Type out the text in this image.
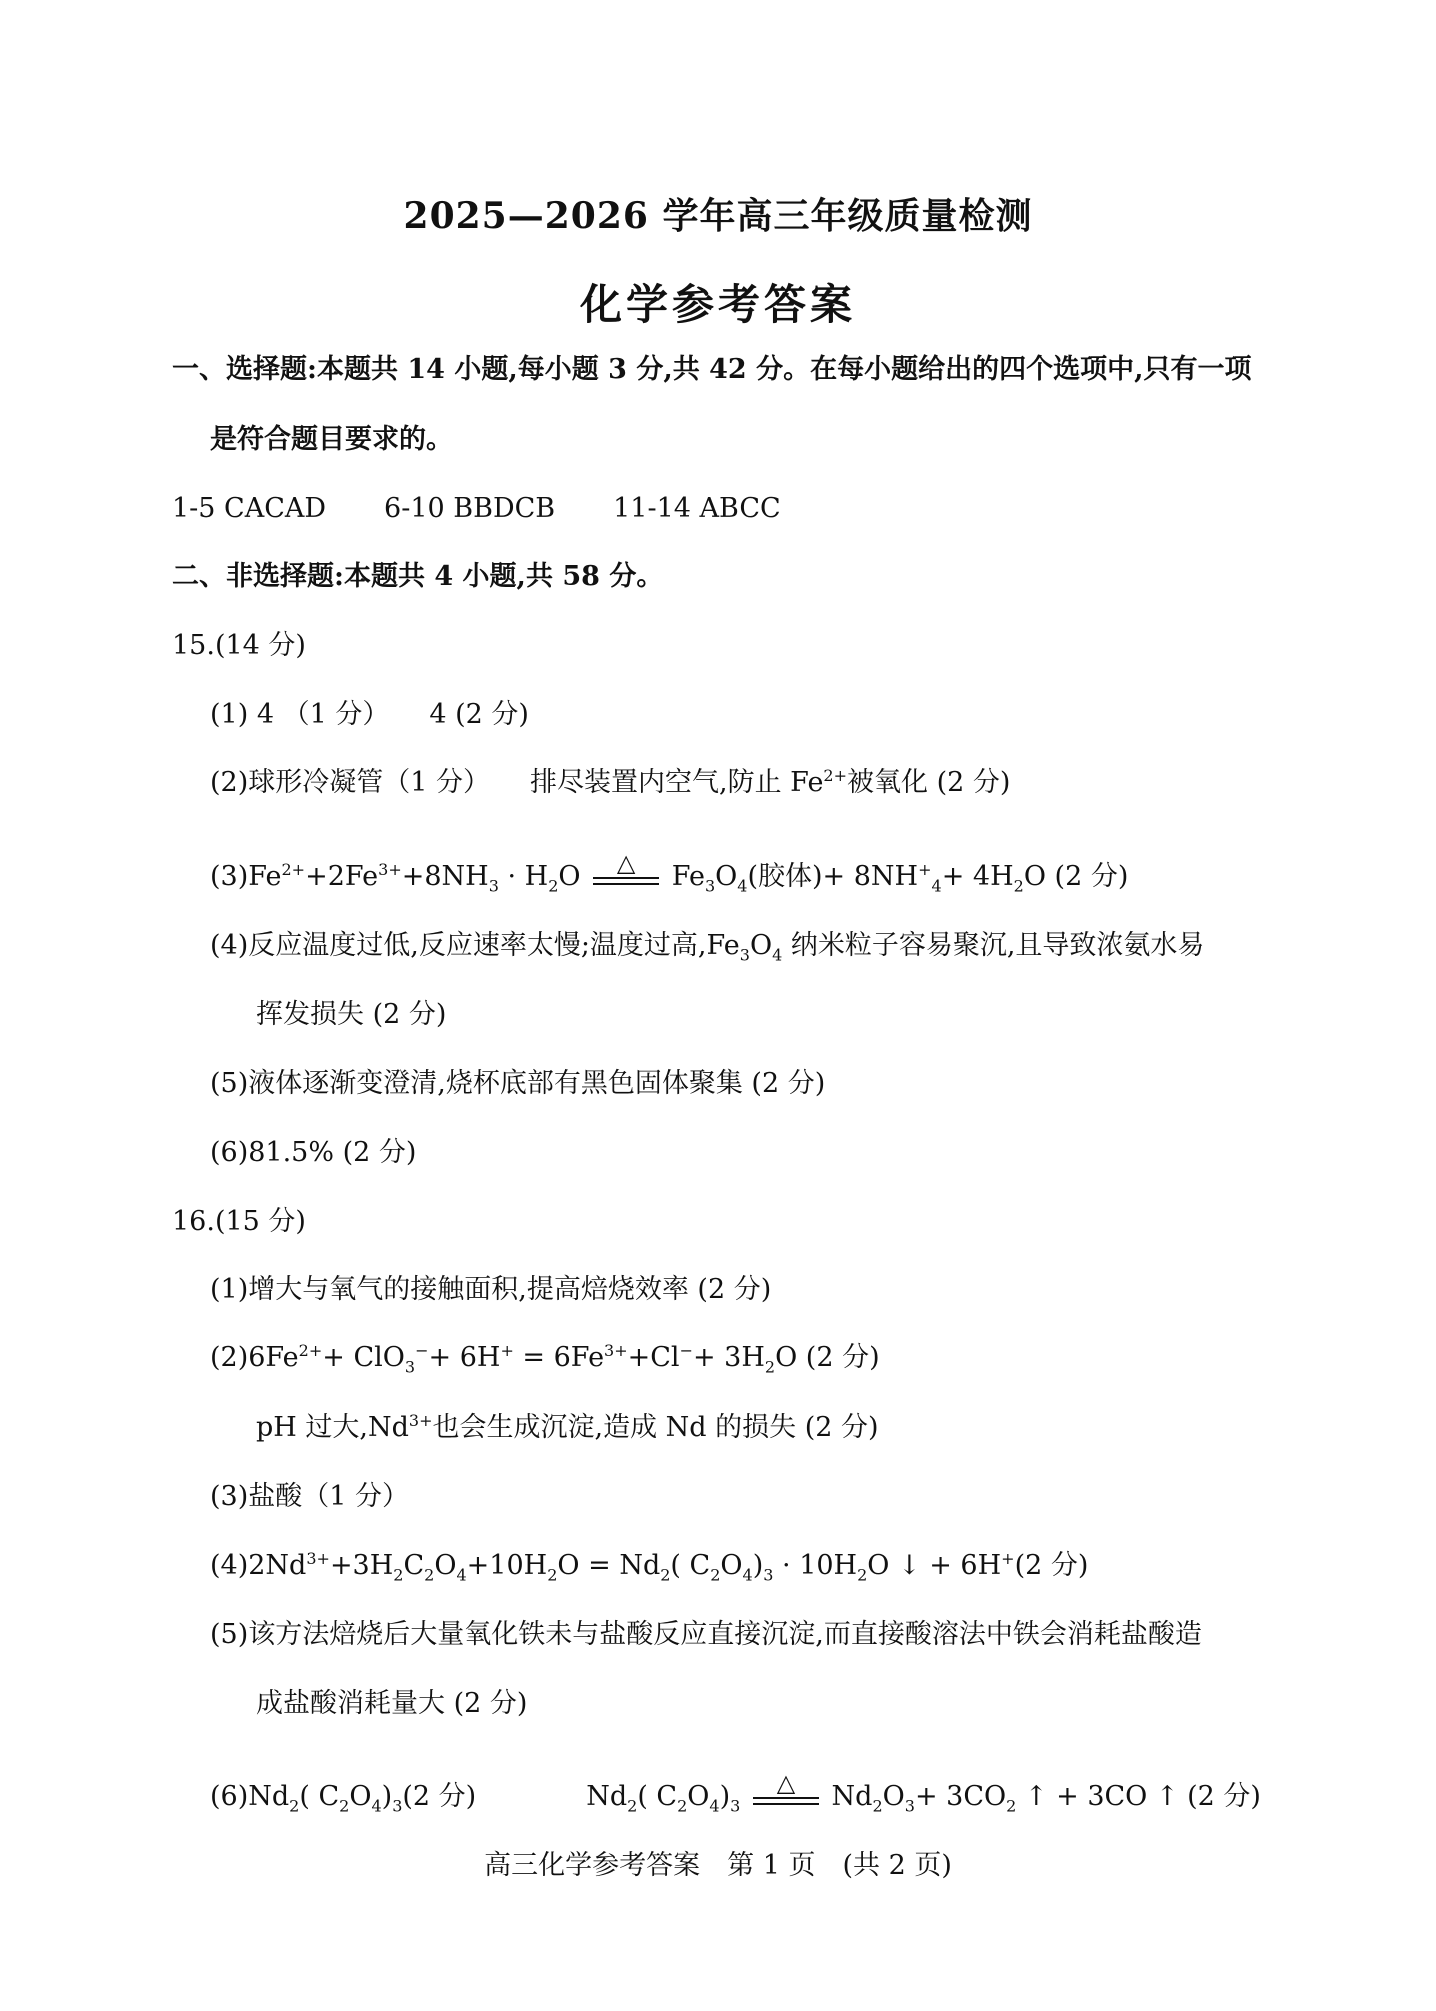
2025—2026 学年高三年级质量检测
化学参考答案
一、选择题:本题共 14 小题,每小题 3 分,共 42 分。在每小题给出的四个选项中,只有一项
是符合题目要求的。
1-5 CACAD 6-10 BBDCB 11-14 ABCC
二、非选择题:本题共 4 小题,共 58 分。
15.(14 分)
(1) 4 （1 分） 4 (2 分)
(2)球形冷凝管（1 分） 排尽装置内空气,防止 $Fe^{2+}$被氧化 (2 分)
$(3)Fe^{2+}+2Fe^{3+}+8NH_3 \cdot H_2O$ △ $Fe_3O_4$(胶体)+ $8NH^+_4+ 4H_2O$ (2 分)
(4)反应温度过低,反应速率太慢;温度过高$,Fe_3O_4$ 纳米粒子容易聚沉,且导致浓氨水易
挥发损失 (2 分)
(5)液体逐渐变澄清,烧杯底部有黑色固体聚集 (2 分)
(6)81.5% (2 分)
16.(15 分)
(1)增大与氧气的接触面积,提高焙烧效率 (2 分)
$(2)6Fe^{2+}+ ClO_3^-+ 6H^+ = 6Fe^{3+}+Cl^-+ 3H_2O$ (2 分)
pH 过大$,Nd^{3+}$也会生成沉淀,造成 Nd 的损失 (2 分)
(3)盐酸（1 分）
$(4)2Nd^{3+}+3H_2C_2O_4+10H_2O = Nd_2$( $C_2O_4)_3 \cdot 10H_2O$ ↓ + 6H+(2 分)
(5)该方法焙烧后大量氧化铁未与盐酸反应直接沉淀,而直接酸溶法中铁会消耗盐酸造
成盐酸消耗量大 (2 分)
$(6)Nd_2$( $C_2O_4)_3(2$ 分)	$Nd_2$( $C_2O_4)_3$
△ $Nd_2O_3+ 3CO_2$ ↑ + 3CO ↑ (2 分)
高三化学参考答案　第 1 页　(共 2 页)
